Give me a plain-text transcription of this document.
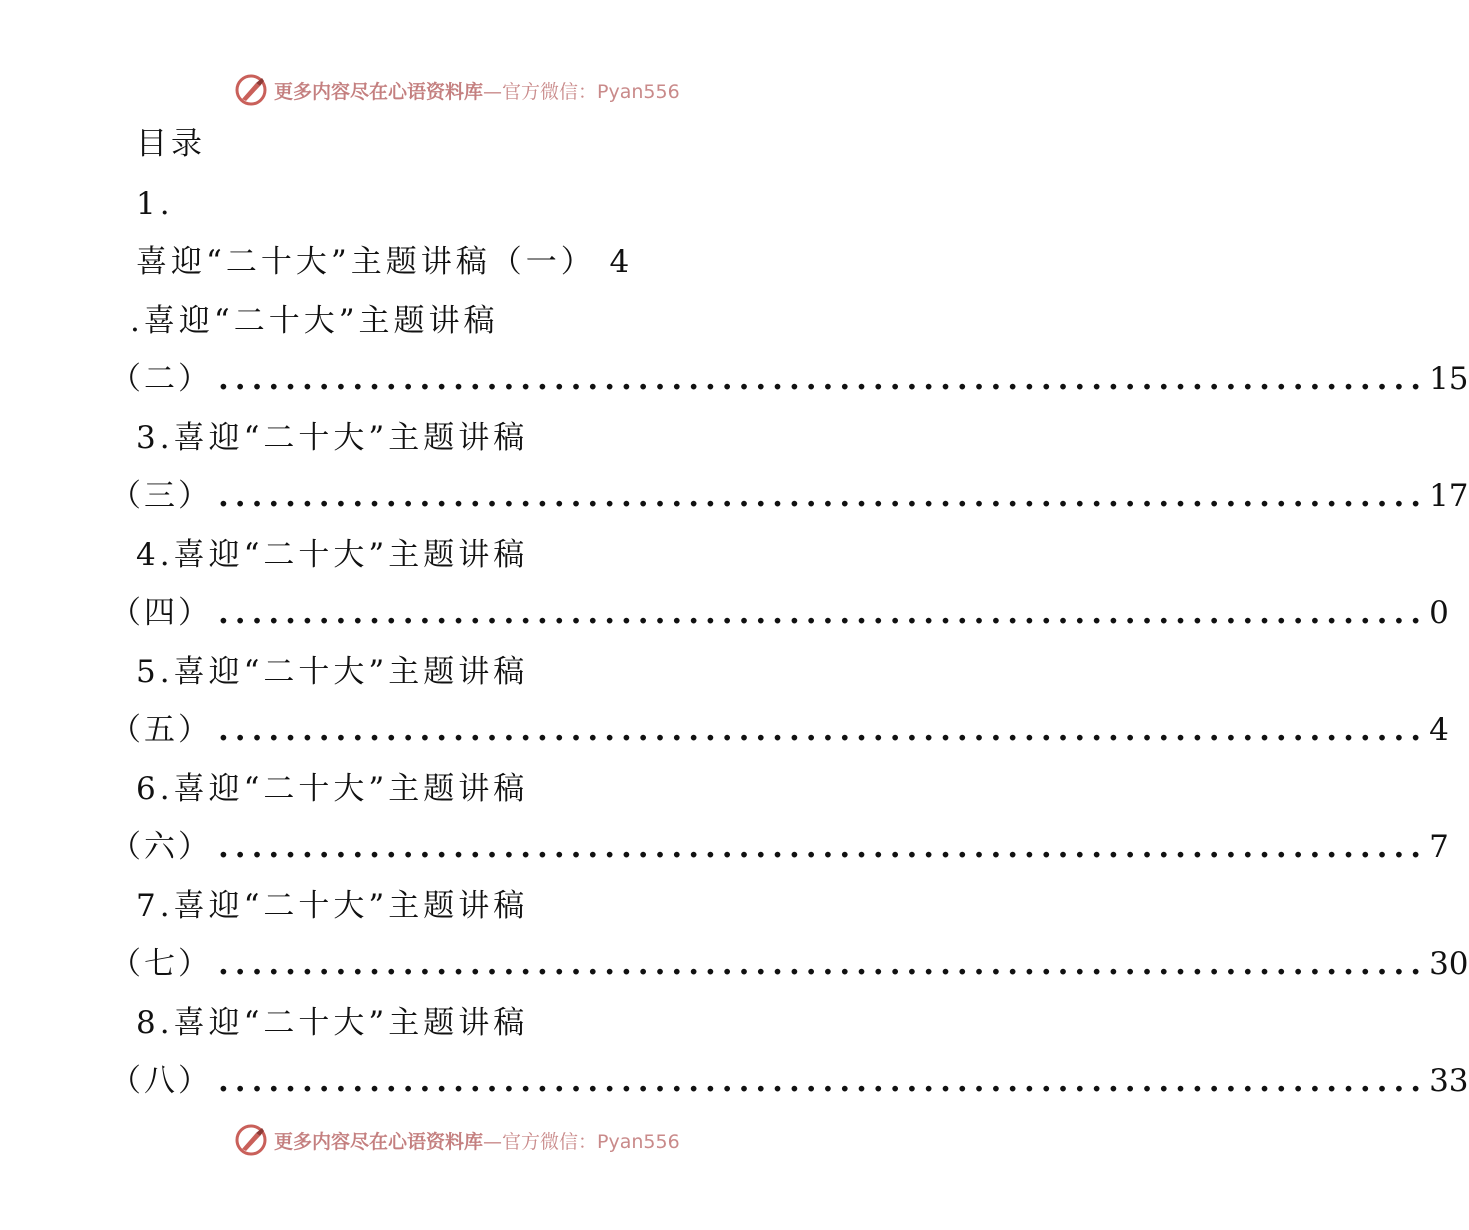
更多内容尽在心语资料库—官方微信：Pyan556
目录
1.
喜迎“二十大”主题讲稿（一） 4
.喜迎“二十大”主题讲稿
（二） ........................................................................ 15
3.喜迎“二十大”主题讲稿
（三） ........................................................................ 17
4.喜迎“二十大”主题讲稿
（四） ........................................................................ 0
5.喜迎“二十大”主题讲稿
（五） ........................................................................ 4
6.喜迎“二十大”主题讲稿
（六） ........................................................................ 7
7.喜迎“二十大”主题讲稿
（七） ........................................................................ 30
8.喜迎“二十大”主题讲稿
（八） ........................................................................ 33
更多内容尽在心语资料库—官方微信：Pyan556
